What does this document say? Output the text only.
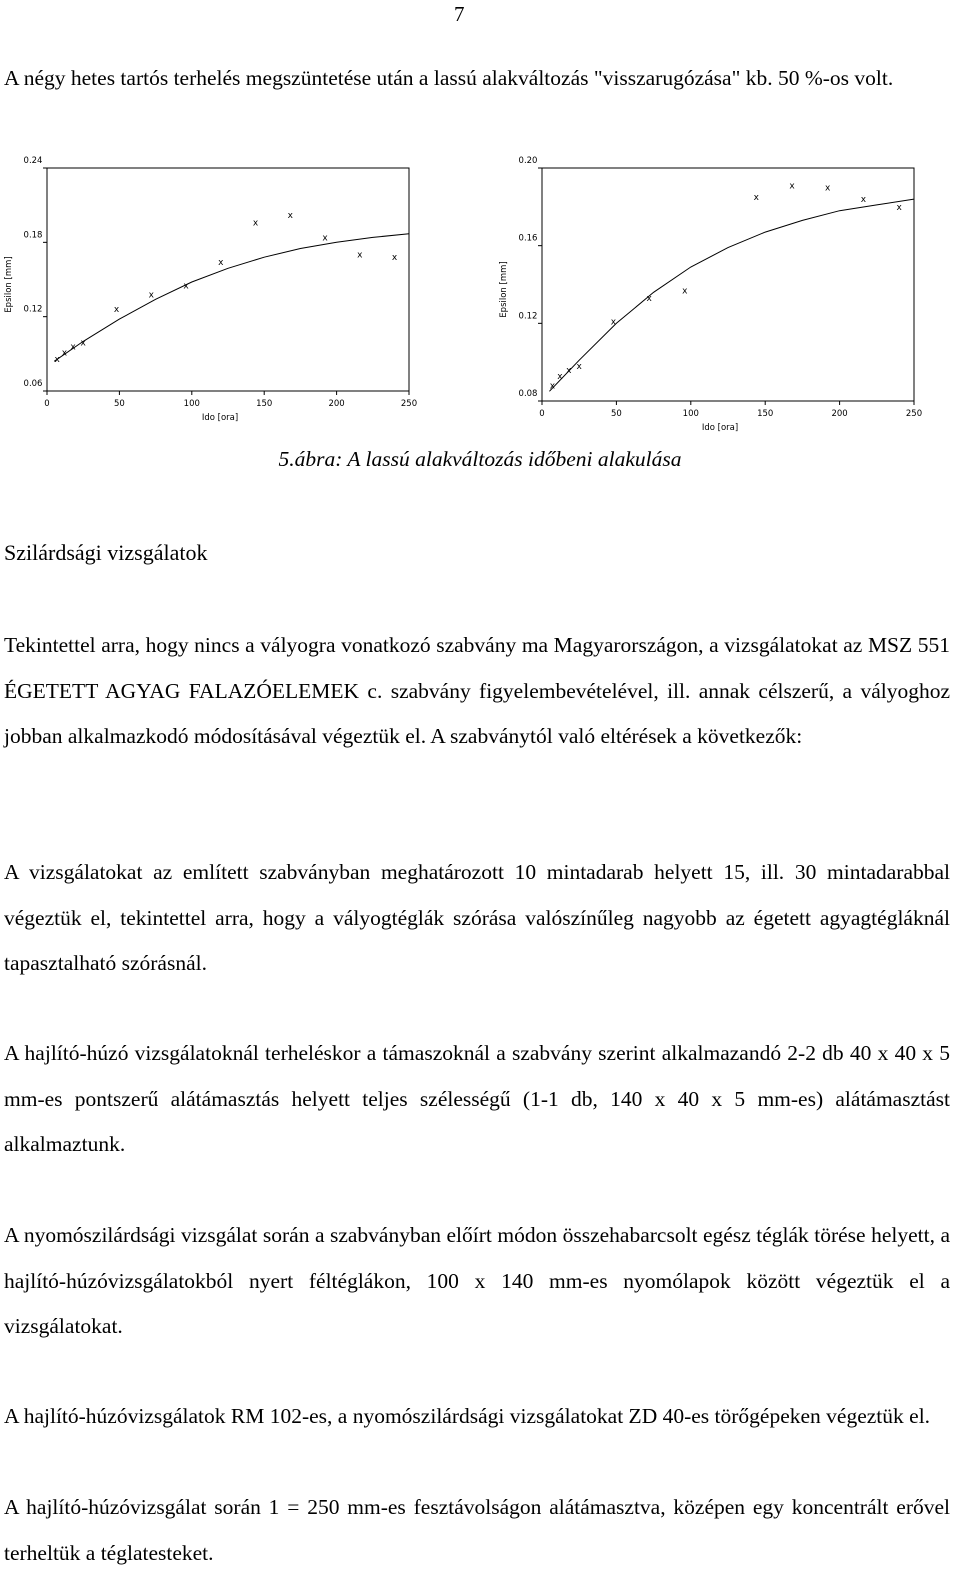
7

A négy hetes tartós terhelés megszüntetése után a lassú alakváltozás "visszarugózása" kb. 50 %-os volt.

0	50	100	150	200	250
0.06
0.12
0.18
0.24
Ido [ora]
Epsilon [mm]
x
x
x x
x
x
x
x
x
x
x
x	x
0	50	100	150	200	250
0.08
0.12
0.16
0.20
Ido [ora]
Epsilon [mm]
x
x
x x
x
x
x
x
x	x
x
x
5.ábra: A lassú alakváltozás időbeni alakulása
Szilárdsági vizsgálatok

Tekintettel arra, hogy nincs a vályogra vonatkozó szabvány ma Magyarországon, a vizsgálatokat az MSZ 551 ÉGETETT AGYAG FALAZÓELEMEK c. szabvány figyelembevételével, ill. annak célszerű, a vályoghoz jobban alkalmazkodó módosításával végeztük el. A szabványtól való eltérések a következők:

A vizsgálatokat az említett szabványban meghatározott 10 mintadarab helyett 15, ill. 30 mintadarabbal végeztük el, tekintettel arra, hogy a vályogtéglák szórása valószínűleg nagyobb az égetett agyagtégláknál tapasztalható szórásnál.

A hajlító-húzó vizsgálatoknál terheléskor a támaszoknál a szabvány szerint alkalmazandó 2-2 db 40 x 40 x 5 mm-es pontszerű alátámasztás helyett teljes szélességű (1-1 db, 140 x 40 x 5 mm-es) alátámasztást alkalmaztunk.

A nyomószilárdsági vizsgálat során a szabványban előírt módon összehabarcsolt egész téglák törése helyett, a hajlító-húzóvizsgálatokból nyert féltéglákon, 100 x 140 mm-es nyomólapok között végeztük el a vizsgálatokat.

A hajlító-húzóvizsgálatok RM 102-es, a nyomószilárdsági vizsgálatokat ZD 40-es törőgépeken végeztük el.

A hajlító-húzóvizsgálat során 1 = 250 mm-es fesztávolságon alátámasztva, középen egy koncentrált erővel terheltük a téglatesteket.
